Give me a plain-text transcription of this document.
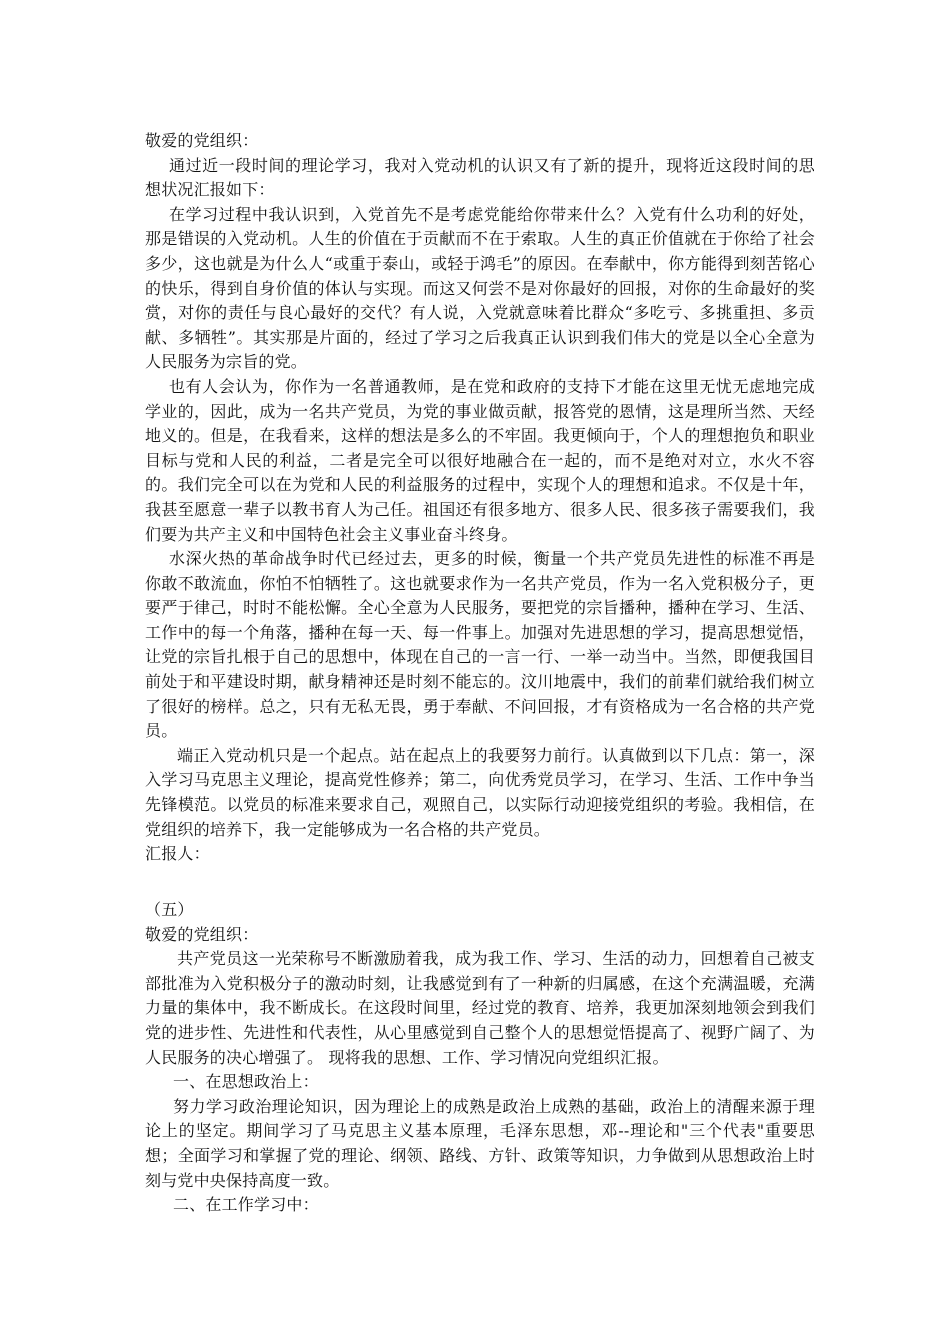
敬爱的党组织：

通过近一段时间的理论学习，我对入党动机的认识又有了新的提升，现将近这段时间的思想状况汇报如下：

在学习过程中我认识到，入党首先不是考虑党能给你带来什么？入党有什么功利的好处，那是错误的入党动机。人生的价值在于贡献而不在于索取。人生的真正价值就在于你给了社会多少，这也就是为什么人“或重于泰山，或轻于鸿毛”的原因。在奉献中，你方能得到刻苦铭心的快乐，得到自身价值的体认与实现。而这又何尝不是对你最好的回报，对你的生命最好的奖赏，对你的责任与良心最好的交代？有人说，入党就意味着比群众“多吃亏、多挑重担、多贡献、多牺牲”。其实那是片面的，经过了学习之后我真正认识到我们伟大的党是以全心全意为人民服务为宗旨的党。

也有人会认为，你作为一名普通教师，是在党和政府的支持下才能在这里无忧无虑地完成学业的，因此，成为一名共产党员，为党的事业做贡献，报答党的恩情，这是理所当然、天经地义的。但是，在我看来，这样的想法是多么的不牢固。我更倾向于，个人的理想抱负和职业目标与党和人民的利益，二者是完全可以很好地融合在一起的，而不是绝对对立，水火不容的。我们完全可以在为党和人民的利益服务的过程中，实现个人的理想和追求。不仅是十年，我甚至愿意一辈子以教书育人为己任。祖国还有很多地方、很多人民、很多孩子需要我们，我们要为共产主义和中国特色社会主义事业奋斗终身。

水深火热的革命战争时代已经过去，更多的时候，衡量一个共产党员先进性的标准不再是你敢不敢流血，你怕不怕牺牲了。这也就要求作为一名共产党员，作为一名入党积极分子，更要严于律己，时时不能松懈。全心全意为人民服务，要把党的宗旨播种，播种在学习、生活、工作中的每一个角落，播种在每一天、每一件事上。加强对先进思想的学习，提高思想觉悟，让党的宗旨扎根于自己的思想中，体现在自己的一言一行、一举一动当中。当然，即便我国目前处于和平建设时期，献身精神还是时刻不能忘的。汶川地震中，我们的前辈们就给我们树立了很好的榜样。总之，只有无私无畏，勇于奉献、不问回报，才有资格成为一名合格的共产党员。

端正入党动机只是一个起点。站在起点上的我要努力前行。认真做到以下几点：第一，深入学习马克思主义理论，提高党性修养；第二，向优秀党员学习，在学习、生活、工作中争当先锋模范。以党员的标准来要求自己，观照自己，以实际行动迎接党组织的考验。我相信，在党组织的培养下，我一定能够成为一名合格的共产党员。

汇报人：

（五）

敬爱的党组织：

共产党员这一光荣称号不断激励着我，成为我工作、学习、生活的动力，回想着自己被支部批准为入党积极分子的激动时刻，让我感觉到有了一种新的归属感，在这个充满温暖，充满力量的集体中，我不断成长。在这段时间里，经过党的教育、培养，我更加深刻地领会到我们党的进步性、先进性和代表性，从心里感觉到自己整个人的思想觉悟提高了、视野广阔了、为人民服务的决心增强了。 现将我的思想、工作、学习情况向党组织汇报。

一、在思想政治上：

努力学习政治理论知识，因为理论上的成熟是政治上成熟的基础，政治上的清醒来源于理论上的坚定。期间学习了马克思主义基本原理，毛泽东思想，邓--理论和"三个代表"重要思想；全面学习和掌握了党的理论、纲领、路线、方针、政策等知识，力争做到从思想政治上时刻与党中央保持高度一致。

二、在工作学习中：
